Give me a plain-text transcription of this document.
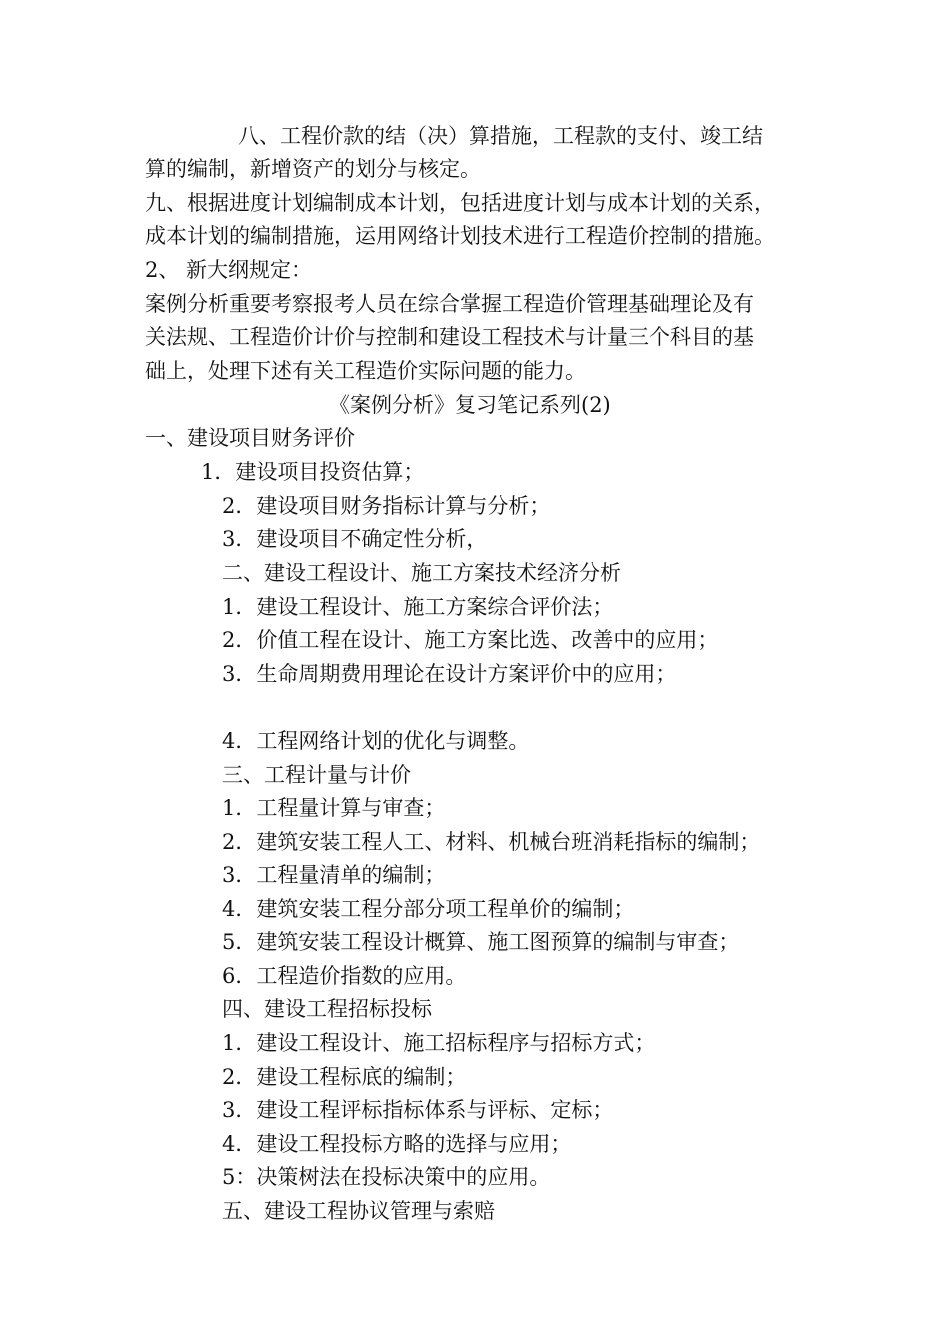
八、工程价款的结（决）算措施，工程款的支付、竣工结
算的编制，新增资产的划分与核定。
九、根据进度计划编制成本计划，包括进度计划与成本计划的关系，
成本计划的编制措施，运用网络计划技术进行工程造价控制的措施。
2、 新大纲规定：
案例分析重要考察报考人员在综合掌握工程造价管理基础理论及有
关法规、工程造价计价与控制和建设工程技术与计量三个科目的基
础上，处理下述有关工程造价实际问题的能力。
《案例分析》复习笔记系列(2)
一、建设项目财务评价
1．建设项目投资估算；
2．建设项目财务指标计算与分析；
3．建设项目不确定性分析，
二、建设工程设计、施工方案技术经济分析
1．建设工程设计、施工方案综合评价法；
2．价值工程在设计、施工方案比选、改善中的应用；
3．生命周期费用理论在设计方案评价中的应用；
4．工程网络计划的优化与调整。
三、工程计量与计价
1．工程量计算与审查；
2．建筑安装工程人工、材料、机械台班消耗指标的编制；
3．工程量清单的编制；
4．建筑安装工程分部分项工程单价的编制；
5．建筑安装工程设计概算、施工图预算的编制与审查；
6．工程造价指数的应用。
四、建设工程招标投标
1．建设工程设计、施工招标程序与招标方式；
2．建设工程标底的编制；
3．建设工程评标指标体系与评标、定标；
4．建设工程投标方略的选择与应用；
5：决策树法在投标决策中的应用。
五、建设工程协议管理与索赔
